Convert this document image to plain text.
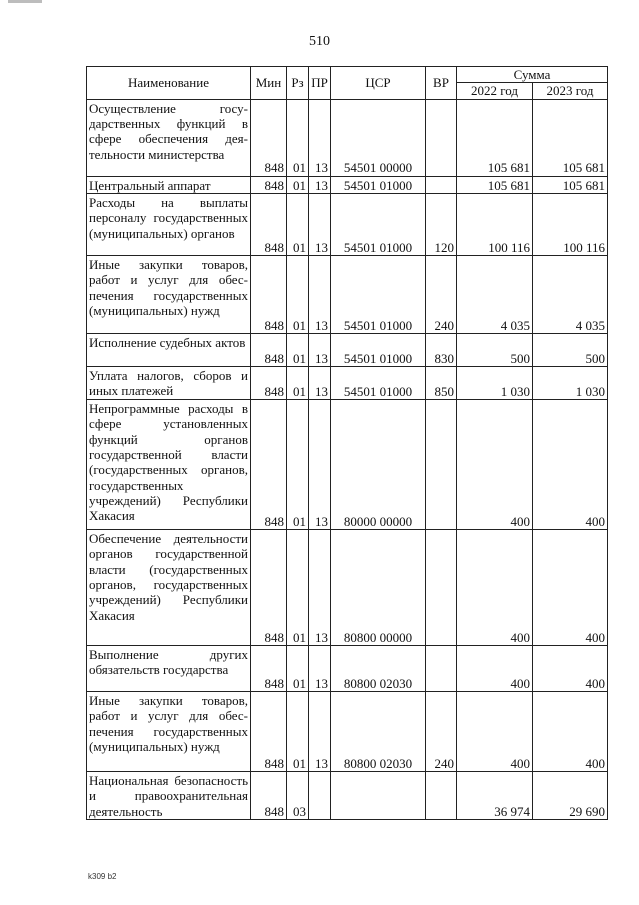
510
Наименование	Мин	Рз	ПР	ЦСР	ВР	Сумма	
						2022 год	2023 год
Осуществление государственных функций в сфере обеспечения деятельности министерства	848	01	13	54501 00000		105 681	105 681
Центральный аппарат	848	01	13	54501 01000		105 681	105 681
Расходы на выплаты персоналу государственных (муниципальных) органов	848	01	13	54501 01000	120	100 116	100 116
Иные закупки товаров, работ и услуг для обеспечения государственных (муниципальных) нужд	848	01	13	54501 01000	240	4 035	4 035
Исполнение судебных актов	848	01	13	54501 01000	830	500	500
Уплата налогов, сборов и иных платежей	848	01	13	54501 01000	850	1 030	1 030
Непрограммные расходы в сфере установленных функций органов государственной власти (государственных органов, государственных учреждений) Республики Хакасия	848	01	13	80000 00000		400	400
Обеспечение деятельности органов государственной власти (государственных органов, государственных учреждений) Республики Хакасия	848	01	13	80800 00000		400	400
Выполнение других обязательств государства	848	01	13	80800 02030		400	400
Иные закупки товаров, работ и услуг для обеспечения государственных (муниципальных) нужд	848	01	13	80800 02030	240	400	400
Национальная безопасность и правоохранительная деятельность	848	03				36 974	29 690
k309 b2
